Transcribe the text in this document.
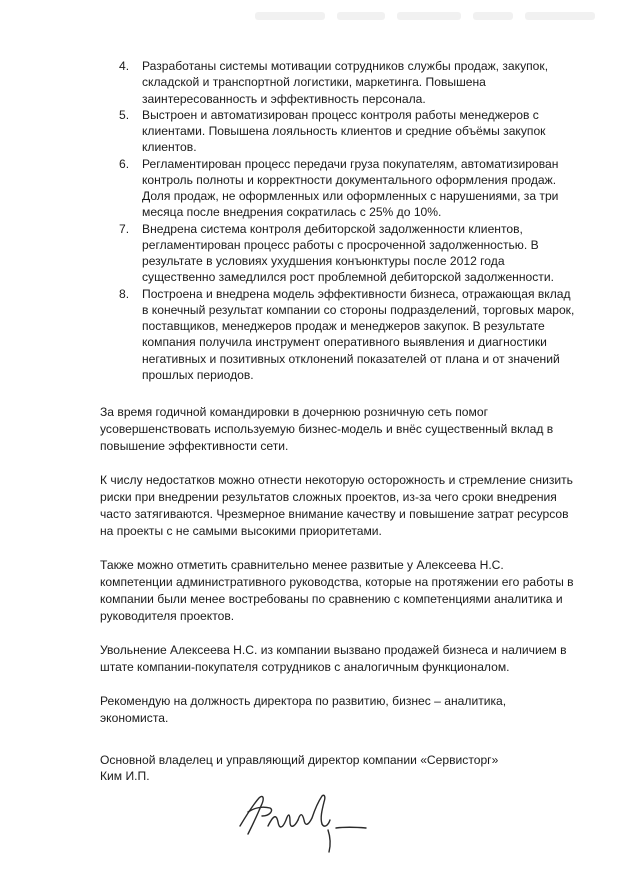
4.	Разработаны системы мотивации сотрудников службы продаж, закупок, складской и транспортной логистики, маркетинга. Повышена заинтересованность и эффективность персонала.
5.	Выстроен и автоматизирован процесс контроля работы менеджеров с клиентами. Повышена лояльность клиентов и средние объёмы закупок клиентов.
6.	Регламентирован процесс передачи груза покупателям, автоматизирован контроль полноты и корректности документального оформления продаж. Доля продаж, не оформленных или оформленных с нарушениями, за три месяца после внедрения сократилась с 25% до 10%.
7.	Внедрена система контроля дебиторской задолженности клиентов, регламентирован процесс работы с просроченной задолженностью. В результате в условиях ухудшения конъюнктуры после 2012 года существенно замедлился рост проблемной дебиторской задолженности.
8.	Построена и внедрена модель эффективности бизнеса, отражающая вклад в конечный результат компании со стороны подразделений, торговых марок, поставщиков, менеджеров продаж и менеджеров закупок. В результате компания получила инструмент оперативного выявления и диагностики негативных и позитивных отклонений показателей от плана и от значений прошлых периодов.

За время годичной командировки в дочернюю розничную сеть помог усовершенствовать используемую бизнес-модель и внёс существенный вклад в повышение эффективности сети.

К числу недостатков можно отнести некоторую осторожность и стремление снизить риски при внедрении результатов сложных проектов, из-за чего сроки внедрения часто затягиваются. Чрезмерное внимание качеству и повышение затрат ресурсов на проекты с не самыми высокими приоритетами.

Также можно отметить сравнительно менее развитые у Алексеева Н.С. компетенции административного руководства, которые на протяжении его работы в компании были менее востребованы по сравнению с компетенциями аналитика и руководителя проектов.

Увольнение Алексеева Н.С. из компании вызвано продажей бизнеса и наличием в штате компании-покупателя сотрудников с аналогичным функционалом.

Рекомендую на должность директора по развитию, бизнес – аналитика, экономиста.

Основной владелец и управляющий директор компании «Сервисторг»
Ким И.П.
